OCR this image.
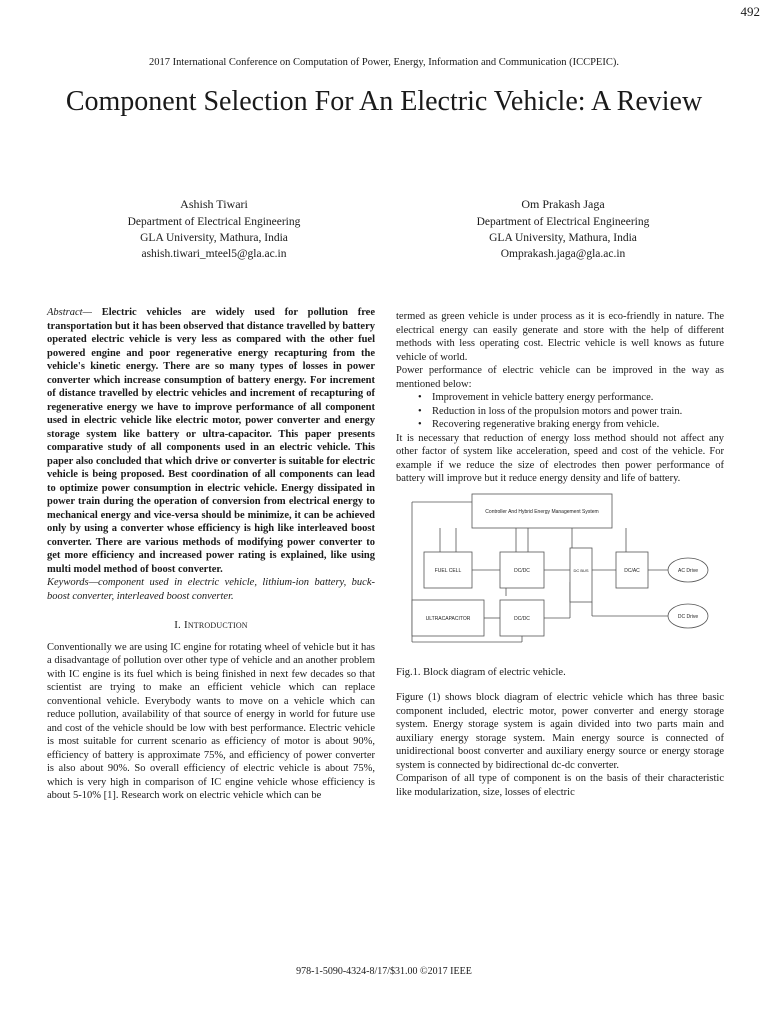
492
2017 International Conference on Computation of Power, Energy, Information and Communication (ICCPEIC).
Component Selection For An Electric Vehicle: A Review
Ashish Tiwari
Department of Electrical Engineering
GLA University, Mathura, India
ashish.tiwari_mteel5@gla.ac.in
Om Prakash Jaga
Department of Electrical Engineering
GLA University, Mathura, India
Omprakash.jaga@gla.ac.in

Abstract— Electric vehicles are widely used for pollution free transportation but it has been observed that distance travelled by battery operated electric vehicle is very less as compared with the other fuel powered engine and poor regenerative energy recapturing from the vehicle's kinetic energy. There are so many types of losses in power converter which increase consumption of battery energy. For increment of distance travelled by electric vehicles and increment of recapturing of regenerative energy we have to improve performance of all component used in electric vehicle like electric motor, power converter and energy storage system like battery or ultra-capacitor. This paper presents comparative study of all components used in an electric vehicle. This paper also concluded that which drive or converter is suitable for electric vehicle is being proposed. Best coordination of all components can lead to optimize power consumption in electric vehicle. Energy dissipated in power train during the operation of conversion from electrical energy to mechanical energy and vice-versa should be minimize, it can be achieved only by using a converter whose efficiency is high like interleaved boost converter. There are various methods of modifying power converter to get more efficiency and increased power rating is explained, like using multi model method of boost converter.

Keywords—component used in electric vehicle, lithium-ion battery, buck-boost converter, interleaved boost converter.

I. Introduction

Conventionally we are using IC engine for rotating wheel of vehicle but it has a disadvantage of pollution over other type of vehicle and an another problem with IC engine is its fuel which is being finished in next few decades so that scientist are trying to make an efficient vehicle which can replace conventional vehicle. Everybody wants to move on a vehicle which can reduce pollution, availability of that source of energy in world for future use and cost of the vehicle should be low with best performance. Electric vehicle is most suitable for current scenario as efficiency of motor is about 90%, efficiency of battery is approximate 75%, and efficiency of power converter is also about 90%. So overall efficiency of electric vehicle is about 75%, which is very high in comparison of IC engine vehicle whose efficiency is about 5-10% [1]. Research work on electric vehicle which can be

termed as green vehicle is under process as it is eco-friendly in nature. The electrical energy can easily generate and store with the help of different methods with less operating cost. Electric vehicle is well knows as future vehicle of world.

Power performance of electric vehicle can be improved in the way as mentioned below:

• Improvement in vehicle battery energy performance.
• Reduction in loss of the propulsion motors and power train.
• Recovering regenerative braking energy from vehicle.

It is necessary that reduction of energy loss method should not affect any other factor of system like acceleration, speed and cost of the vehicle. For example if we reduce the size of electrodes then power performance of battery will improve but it reduce energy density and life of battery.

Controller And Hybrid Energy Management System
FUEL CELL	DC/DC	DC BUS	DC/AC	AC Drive
ULTRACAPACITOR	DC/DC	DC Drive

Fig.1. Block diagram of electric vehicle.

Figure (1) shows block diagram of electric vehicle which has three basic component included, electric motor, power converter and energy storage system. Energy storage system is again divided into two parts main and auxiliary energy storage system. Main energy source is connected of unidirectional boost converter and auxiliary energy source or energy storage system is connected by bidirectional dc-dc converter.

Comparison of all type of component is on the basis of their characteristic like modularization, size, losses of electric

978-1-5090-4324-8/17/$31.00 ©2017 IEEE
